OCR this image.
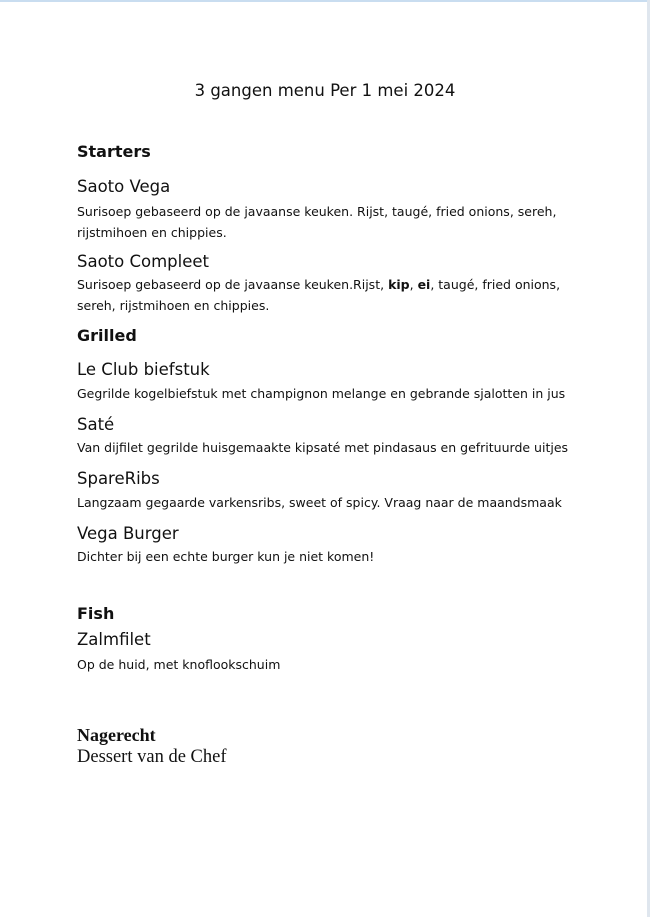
3 gangen menu Per 1 mei 2024
Starters
Saoto Vega
Surisoep gebaseerd op de javaanse keuken. Rijst, taugé, fried onions, sereh, rijstmihoen en chippies.
Saoto Compleet
Surisoep gebaseerd op de javaanse keuken.Rijst, kip, ei, taugé, fried onions, sereh, rijstmihoen en chippies.
Grilled
Le Club biefstuk
Gegrilde kogelbiefstuk met champignon melange en gebrande sjalotten in jus
Saté
Van dijfilet gegrilde huisgemaakte kipsaté met pindasaus en gefrituurde uitjes
SpareRibs
Langzaam gegaarde varkensribs, sweet of spicy. Vraag naar de maandsmaak
Vega Burger
Dichter bij een echte burger kun je niet komen!
Fish
Zalmfilet
Op de huid, met knoflookschuim
Nagerecht
Dessert van de Chef
